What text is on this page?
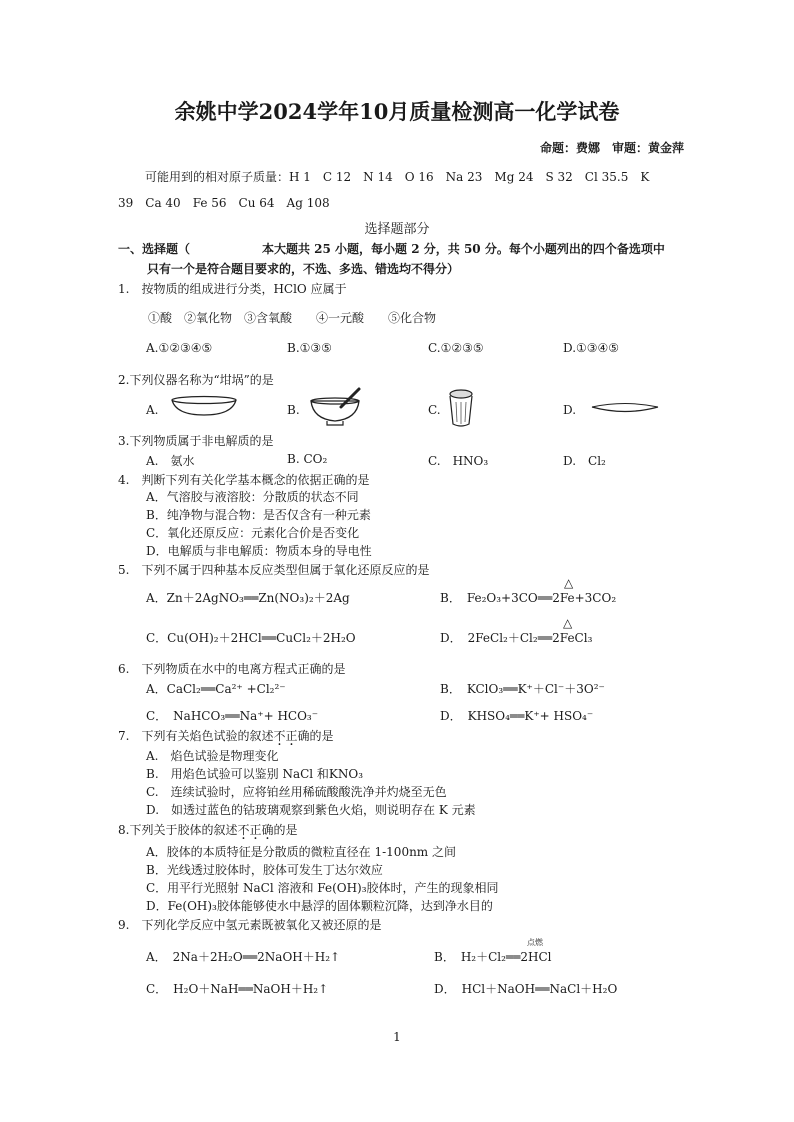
余姚中学2024学年10月质量检测高一化学试卷
命题：费娜　审题：黄金萍
可能用到的相对原子质量：H 1　C 12　N 14　O 16　Na 23　Mg 24　S 32　Cl 35.5　K
39　Ca 40　Fe 56　Cu 64　Ag 108
选择题部分
一、选择题（　　　　　　本大题共 25 小题，每小题 2 分，共 50 分。每个小题列出的四个备选项中
只有一个是符合题目要求的，不选、多选、错选均不得分）
1.　按物质的组成进行分类，HClO 应属于
①酸　②氧化物　③含氧酸　　④一元酸　　⑤化合物
A.①②③④⑤	B.①③⑤	C.①②③⑤	D.①③④⑤
2.下列仪器名称为“坩埚”的是
A.	B.	C.	D.
3.下列物质属于非电解质的是
A.　氨水	B. CO₂	C.　HNO₃	D.　Cl₂
4.　判断下列有关化学基本概念的依据正确的是
A．气溶胶与液溶胶：分散质的状态不同
B．纯净物与混合物：是否仅含有一种元素
C．氧化还原反应：元素化合价是否变化
D．电解质与非电解质：物质本身的导电性
5.　下列不属于四种基本反应类型但属于氧化还原反应的是
A．Zn＋2AgNO₃══Zn(NO₃)₂＋2Ag	B．　Fe₂O₃+3CO══2Fe+3CO₂
△
C．Cu(OH)₂＋2HCl══CuCl₂＋2H₂O	D．　2FeCl₂＋Cl₂══2FeCl₃
△
6.　下列物质在水中的电离方程式正确的是
A．CaCl₂══Ca²⁺ +Cl₂²⁻	B．　KClO₃══K⁺＋Cl⁻＋3O²⁻
C．　NaHCO₃══Na⁺+ HCO₃⁻	D．　KHSO₄══K⁺+ HSO₄⁻
7.　下列有关焰色试验的叙述不正确的是
A.　焰色试验是物理变化
B.　用焰色试验可以鉴别 NaCl 和KNO₃
C.　连续试验时，应将铂丝用稀硫酸酸洗净并灼烧至无色
D.　如透过蓝色的钴玻璃观察到紫色火焰，则说明存在 K 元素
8.下列关于胶体的叙述不正确的是
A．胶体的本质特征是分散质的微粒直径在 1-100nm 之间
B．光线透过胶体时，胶体可发生丁达尔效应
C．用平行光照射 NaCl 溶液和 Fe(OH)₃胶体时，产生的现象相同
D．Fe(OH)₃胶体能够使水中悬浮的固体颗粒沉降，达到净水目的
9.　下列化学反应中氢元素既被氧化又被还原的是
A．　2Na＋2H₂O══2NaOH＋H₂↑	B．　H₂＋Cl₂══2HCl
点燃
C．　H₂O＋NaH══NaOH＋H₂↑	D．　HCl＋NaOH══NaCl＋H₂O
1
